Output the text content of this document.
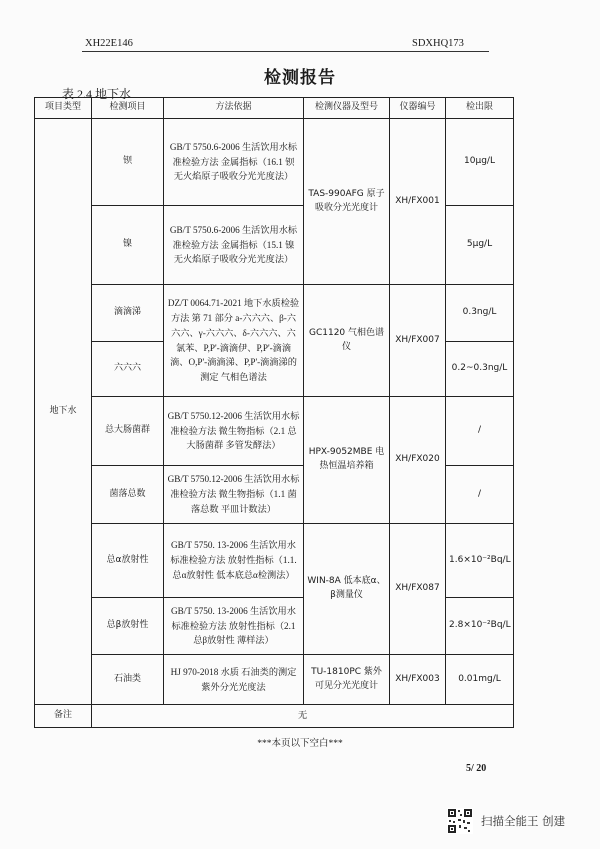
XH22E146	SDXHQ173
检测报告
表 2.4 地下水
项目类型	检测项目	方法依据	检测仪器及型号	仪器编号	检出限
地下水	钡	GB/T 5750.6-2006 生活饮用水标准检验方法 金属指标（16.1 钡 无火焰原子吸收分光光度法）	TAS-990AFG 原子吸收分光光度计	XH/FX001	10μg/L
	镍	GB/T 5750.6-2006 生活饮用水标准检验方法 金属指标（15.1 镍 无火焰原子吸收分光光度法）			5μg/L
	滴滴涕	DZ/T 0064.71-2021 地下水质检验方法 第 71 部分 a-六六六、β-六六六、γ-六六六、δ-六六六、六氯苯、P,P'-滴滴伊、P,P'-滴滴滴、O,P'-滴滴涕、P,P'-滴滴涕的测定 气相色谱法	GC1120 气相色谱仪	XH/FX007	0.3ng/L
	六六六				0.2~0.3ng/L
	总大肠菌群	GB/T 5750.12-2006 生活饮用水标准检验方法 微生物指标（2.1 总大肠菌群 多管发酵法）	HPX-9052MBE 电热恒温培养箱	XH/FX020	/
	菌落总数	GB/T 5750.12-2006 生活饮用水标准检验方法 微生物指标（1.1 菌落总数 平皿计数法）			/
	总α放射性	GB/T 5750. 13-2006 生活饮用水标准检验方法 放射性指标（1.1. 总α放射性 低本底总α检测法）	WIN-8A 低本底α、β测量仪	XH/FX087	1.6×10⁻²Bq/L
	总β放射性	GB/T 5750. 13-2006 生活饮用水标准检验方法 放射性指标（2.1 总β放射性 薄样法）			2.8×10⁻²Bq/L
	石油类	HJ 970-2018 水质 石油类的测定 紫外分光光度法	TU-1810PC 紫外可见分光光度计	XH/FX003	0.01mg/L
备注	无				
***本页以下空白***
5/ 20
扫描全能王 创建
